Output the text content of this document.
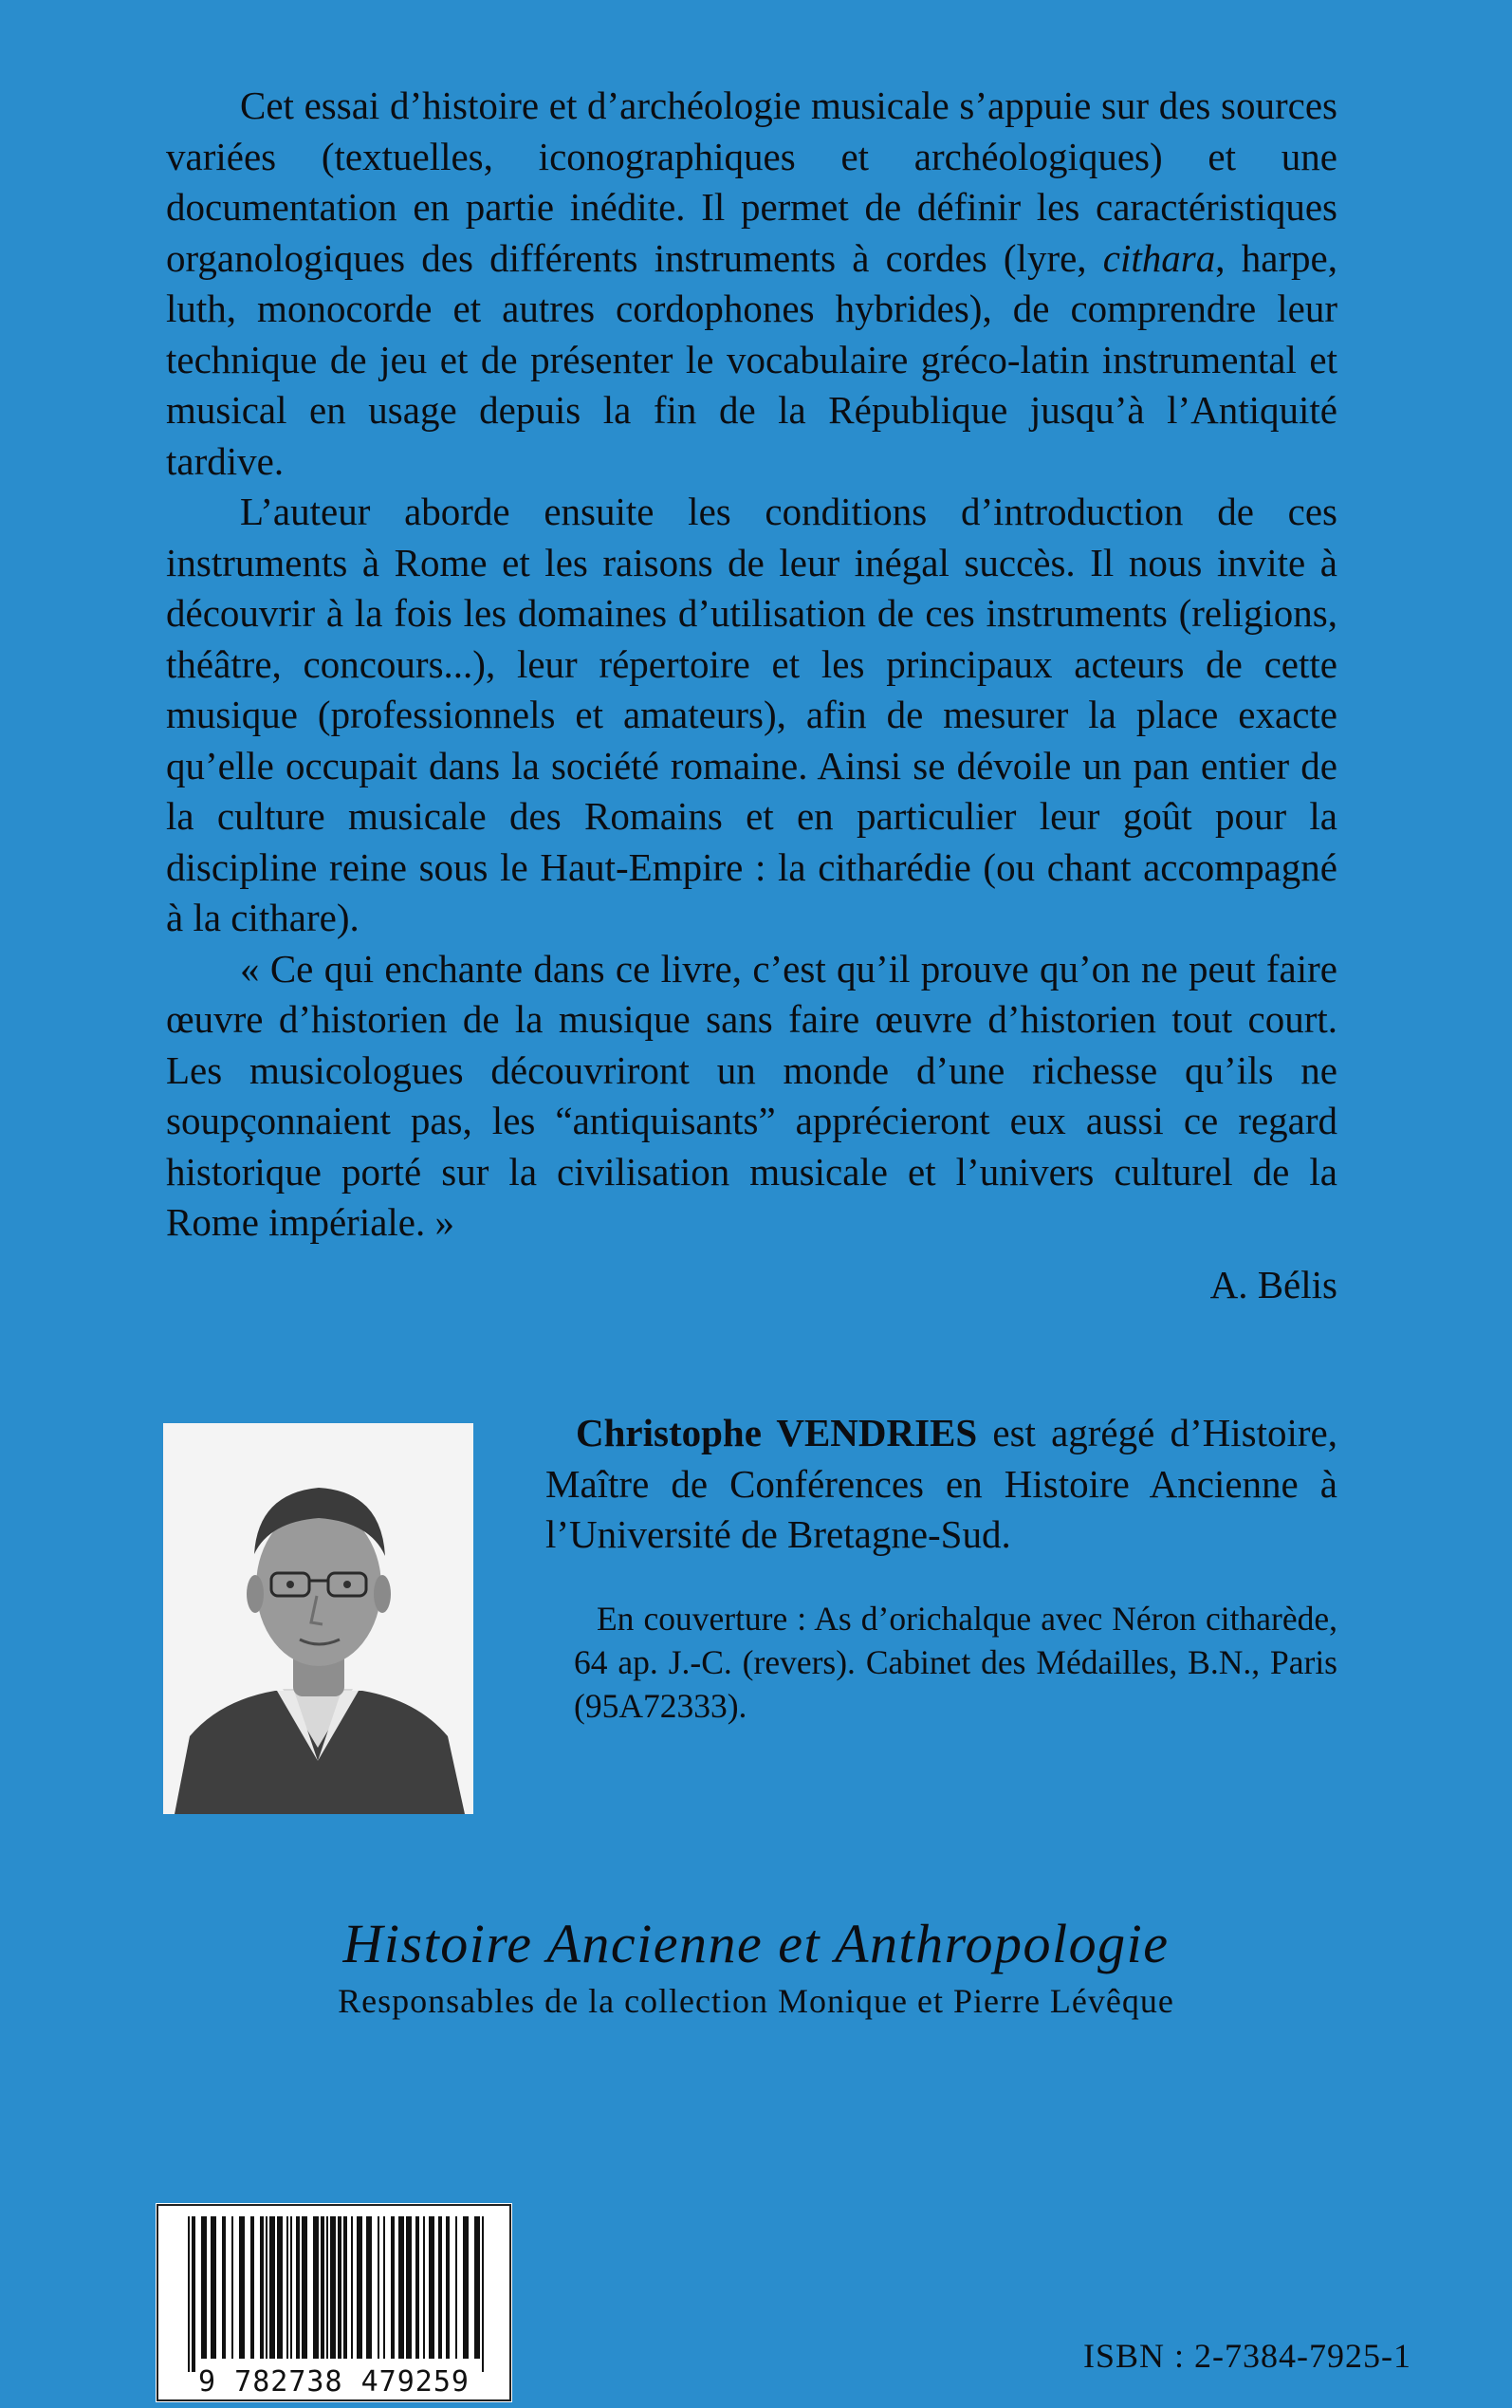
Cet essai d’histoire et d’archéologie musicale s’appuie sur des sources variées (textuelles, iconographiques et archéologiques) et une documentation en partie inédite. Il permet de définir les caractéristiques organologiques des différents instruments à cordes (lyre, cithara, harpe, luth, monocorde et autres cordophones hybrides), de comprendre leur technique de jeu et de présenter le vocabulaire gréco-latin instrumental et musical en usage depuis la fin de la République jusqu’à l’Antiquité tardive.

L’auteur aborde ensuite les conditions d’introduction de ces instruments à Rome et les raisons de leur inégal succès. Il nous invite à découvrir à la fois les domaines d’utilisation de ces instruments (religions, théâtre, concours...), leur répertoire et les principaux acteurs de cette musique (professionnels et amateurs), afin de mesurer la place exacte qu’elle occupait dans la société romaine. Ainsi se dévoile un pan entier de la culture musicale des Romains et en particulier leur goût pour la discipline reine sous le Haut-Empire : la citharédie (ou chant accompagné à la cithare).

« Ce qui enchante dans ce livre, c’est qu’il prouve qu’on ne peut faire œuvre d’historien de la musique sans faire œuvre d’historien tout court. Les musicologues découvriront un monde d’une richesse qu’ils ne soupçonnaient pas, les “antiquisants” apprécieront eux aussi ce regard historique porté sur la civilisation musicale et l’univers culturel de la Rome impériale. »

A. Bélis

Christophe VENDRIES est agrégé d’Histoire, Maître de Conférences en Histoire Ancienne à l’Université de Bretagne-Sud.

En couverture : As d’orichalque avec Néron citharède, 64 ap. J.-C. (revers). Cabinet des Médailles, B.N., Paris (95A72333).

Histoire Ancienne et Anthropologie
Responsables de la collection Monique et Pierre Lévêque
9 782738 479259
ISBN : 2-7384-7925-1
